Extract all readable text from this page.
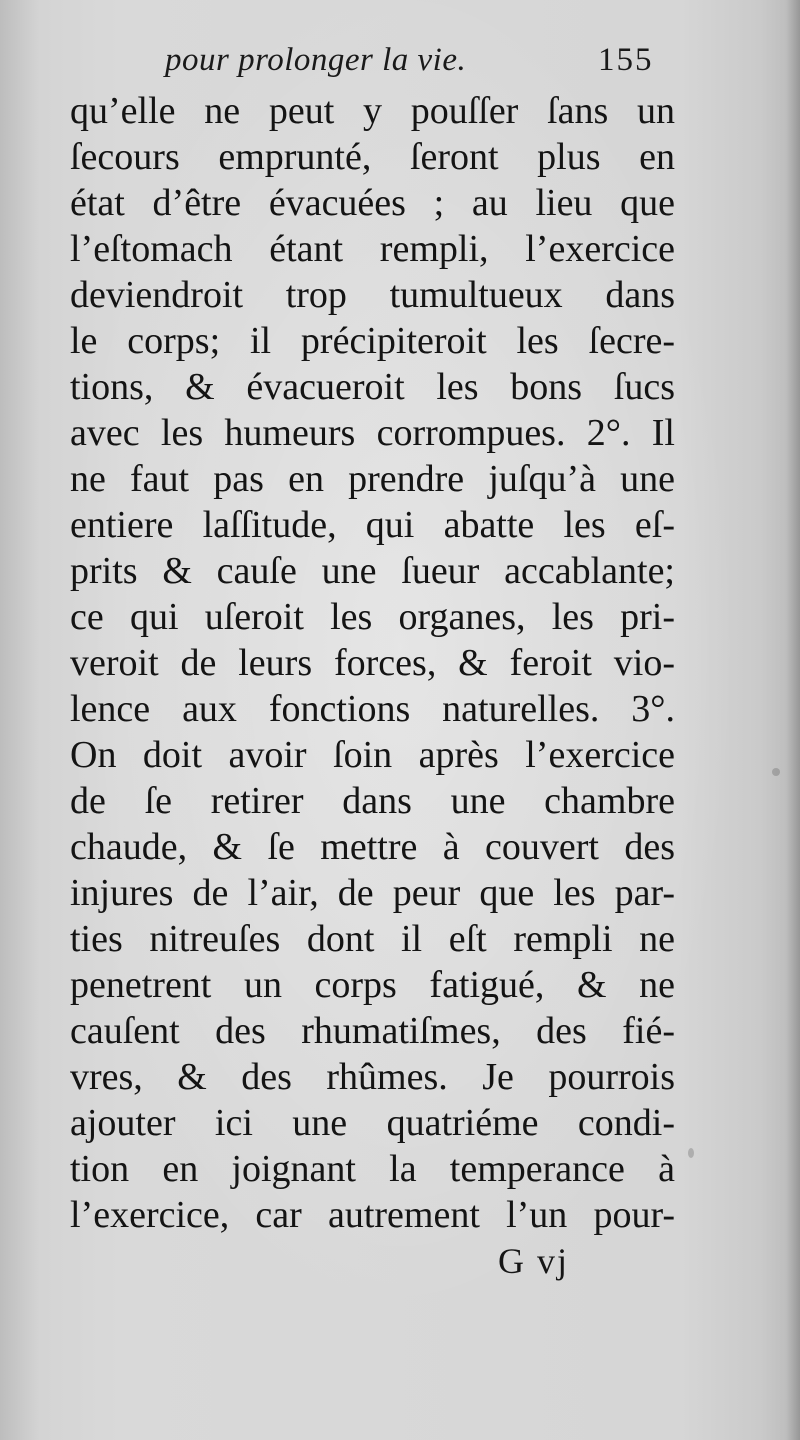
pour prolonger la vie.	155
qu’elle ne peut y pouſſer ſans un
ſecours emprunté, ſeront plus en
état d’être évacuées ; au lieu que
l’eſtomach étant rempli, l’exercice
deviendroit trop tumultueux dans
le corps; il précipiteroit les ſecre-
tions, & évacueroit les bons ſucs
avec les humeurs corrompues. 2°. Il
ne faut pas en prendre juſqu’à une
entiere laſſitude, qui abatte les eſ-
prits & cauſe une ſueur accablante;
ce qui uſeroit les organes, les pri-
veroit de leurs forces, & feroit vio-
lence aux fonctions naturelles. 3°.
On doit avoir ſoin après l’exercice
de ſe retirer dans une chambre
chaude, & ſe mettre à couvert des
injures de l’air, de peur que les par-
ties nitreuſes dont il eſt rempli ne
penetrent un corps fatigué, & ne
cauſent des rhumatiſmes, des fié-
vres, & des rhûmes. Je pourrois
ajouter ici une quatriéme condi-
tion en joignant la temperance à
l’exercice, car autrement l’un pour-
G vj
